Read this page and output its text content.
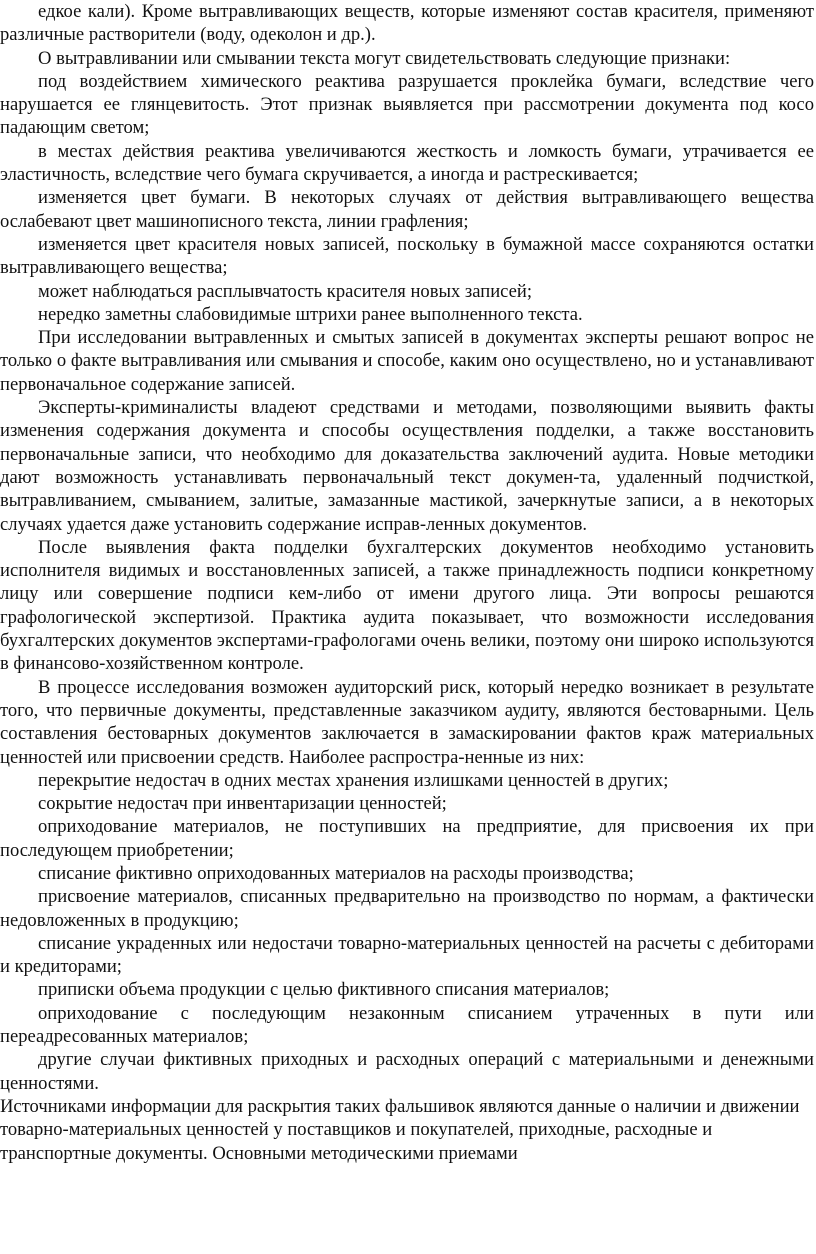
едкое кали). Кроме вытравливающих веществ, которые изменяют состав красителя, применяют различные растворители (воду, одеколон и др.).

О вытравливании или смывании текста могут свидетельствовать следующие признаки:

под воздействием химического реактива разрушается проклейка бумаги, вследствие чего нарушается ее глянцевитость. Этот признак выявляется при рассмотрении документа под косо падающим светом;

в местах действия реактива увеличиваются жесткость и ломкость бумаги, утрачивается ее эластичность, вследствие чего бумага скручивается, а иногда и растрескивается;

изменяется цвет бумаги. В некоторых случаях от действия вытравливающего вещества ослабевают цвет машинописного текста, линии графления;

изменяется цвет красителя новых записей, поскольку в бумажной массе сохраняются остатки вытравливающего вещества;

может наблюдаться расплывчатость красителя новых записей;

нередко заметны слабовидимые штрихи ранее выполненного текста.

При исследовании вытравленных и смытых записей в документах эксперты решают вопрос не только о факте вытравливания или смывания и способе, каким оно осуществлено, но и устанавливают первоначальное содержание записей.

Эксперты-криминалисты владеют средствами и методами, позволяющими выявить факты изменения содержания документа и способы осуществления подделки, а также восстановить первоначальные записи, что необходимо для доказательства заключений аудита. Новые методики дают возможность устанавливать первоначальный текст докумен-та, удаленный подчисткой, вытравливанием, смыванием, залитые, замазанные мастикой, зачеркнутые записи, а в некоторых случаях удается даже установить содержание исправ-ленных документов.

После выявления факта подделки бухгалтерских документов необходимо установить исполнителя видимых и восстановленных записей, а также принадлежность подписи конкретному лицу или совершение подписи кем-либо от имени другого лица. Эти вопросы решаются графологической экспертизой. Практика аудита показывает, что возможности исследования бухгалтерских документов экспертами-графологами очень велики, поэтому они широко используются в финансово-хозяйственном контроле.

В процессе исследования возможен аудиторский риск, который нередко возникает в результате того, что первичные документы, представленные заказчиком аудиту, являются бестоварными. Цель составления бестоварных документов заключается в замаскировании фактов краж материальных ценностей или присвоении средств. Наиболее распростра-ненные из них:

перекрытие недостач в одних местах хранения излишками ценностей в других;

сокрытие недостач при инвентаризации ценностей;

оприходование материалов, не поступивших на предприятие, для присвоения их при последующем приобретении;

списание фиктивно оприходованных материалов на расходы производства;

присвоение материалов, списанных предварительно на производство по нормам, а фактически недовложенных в продукцию;

списание украденных или недостачи товарно-материальных ценностей на расчеты с дебиторами и кредиторами;

приписки объема продукции с целью фиктивного списания материалов;

оприходование с последующим незаконным списанием утраченных в пути или переадресованных материалов;

другие случаи фиктивных приходных и расходных операций с материальными и денежными ценностями.

Источниками информации для раскрытия таких фальшивок являются данные о наличии и движении товарно-материальных ценностей у поставщиков и покупателей, приходные, расходные и транспортные документы. Основными методическими приемами
